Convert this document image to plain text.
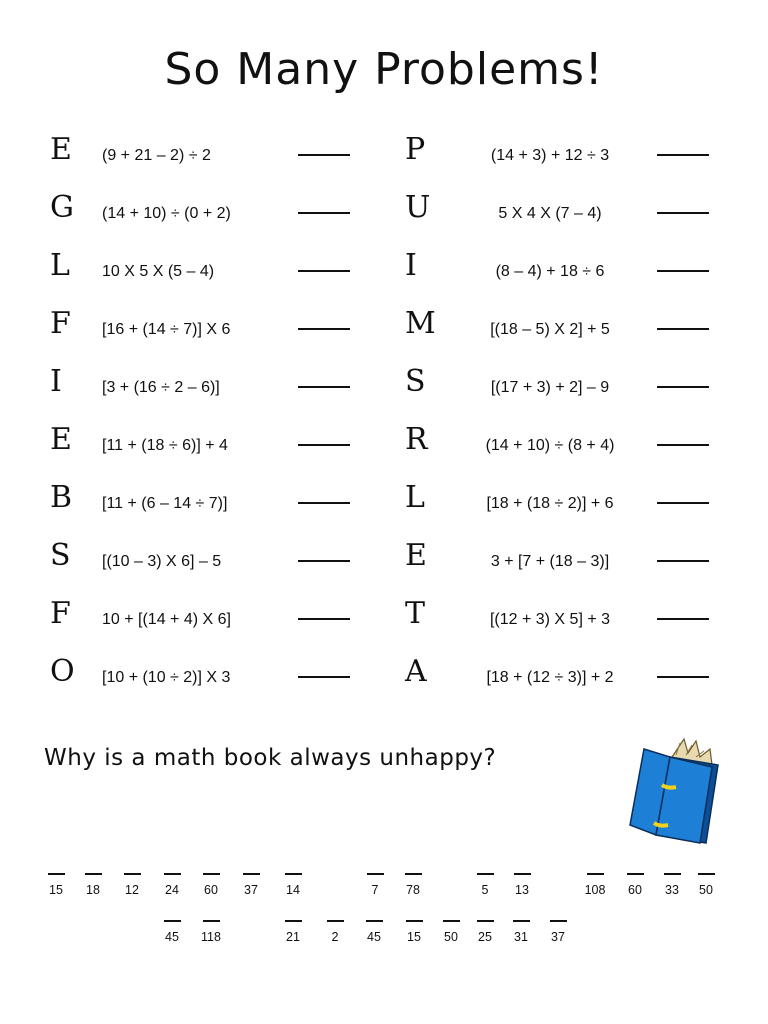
So Many Problems!
E (9 + 21 – 2) ÷ 2
G (14 + 10) ÷ (0 + 2)
L 10 X 5 X (5 – 4)
F [16 + (14 ÷ 7)] X 6
I	[3 + (16 ÷ 2 – 6)]
E [11 + (18 ÷ 6)] + 4
B [11 + (6 – 14 ÷ 7)]
S [(10 – 3) X 6] – 5
F 10 + [(14 + 4) X 6]
O [10 + (10 ÷ 2)] X 3
P	(14 + 3) + 12 ÷ 3
U	5 X 4 X (7 – 4)
I	(8 – 4) + 18 ÷ 6
M	[(18 – 5) X 2] + 5
S	[(17 + 3) + 2] – 9
R	(14 + 10) ÷ (8 + 4)
L	[18 + (18 ÷ 2)] + 6
E	3 + [7 + (18 – 3)]
T	[(12 + 3) X 5] + 3
A	[18 + (12 ÷ 3)] + 2
Why is a math book always unhappy?
15	18	12	24	60	37	14	7	78	5	13	108	60	33	50
45	118	21	2	45	15	50	25	31	37
